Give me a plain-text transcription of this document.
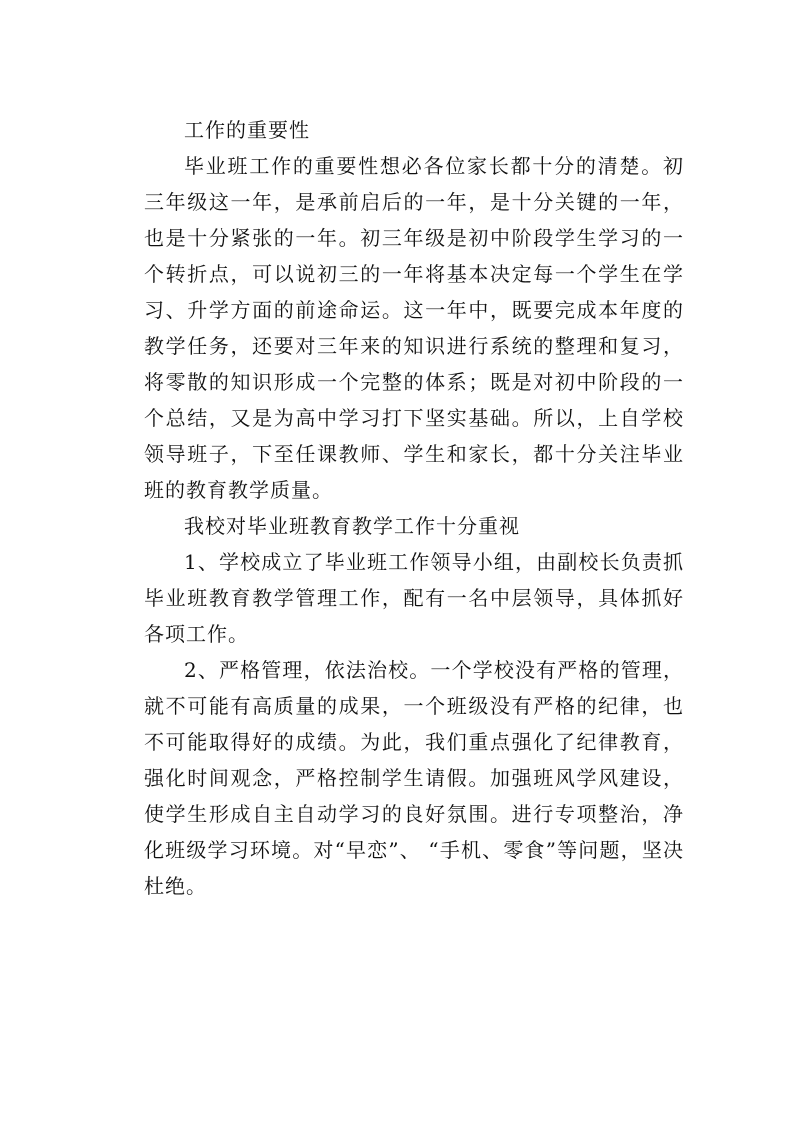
工作的重要性

毕业班工作的重要性想必各位家长都十分的清楚。初三年级这一年，是承前启后的一年，是十分关键的一年，也是十分紧张的一年。初三年级是初中阶段学生学习的一个转折点，可以说初三的一年将基本决定每一个学生在学习、升学方面的前途命运。这一年中，既要完成本年度的教学任务，还要对三年来的知识进行系统的整理和复习，将零散的知识形成一个完整的体系；既是对初中阶段的一个总结，又是为高中学习打下坚实基础。所以，上自学校领导班子，下至任课教师、学生和家长，都十分关注毕业班的教育教学质量。

我校对毕业班教育教学工作十分重视

1、学校成立了毕业班工作领导小组，由副校长负责抓毕业班教育教学管理工作，配有一名中层领导，具体抓好各项工作。

2、严格管理，依法治校。一个学校没有严格的管理，就不可能有高质量的成果，一个班级没有严格的纪律，也不可能取得好的成绩。为此，我们重点强化了纪律教育，强化时间观念，严格控制学生请假。加强班风学风建设，使学生形成自主自动学习的良好氛围。进行专项整治，净化班级学习环境。对“早恋”、 “手机、零食”等问题，坚决杜绝。
